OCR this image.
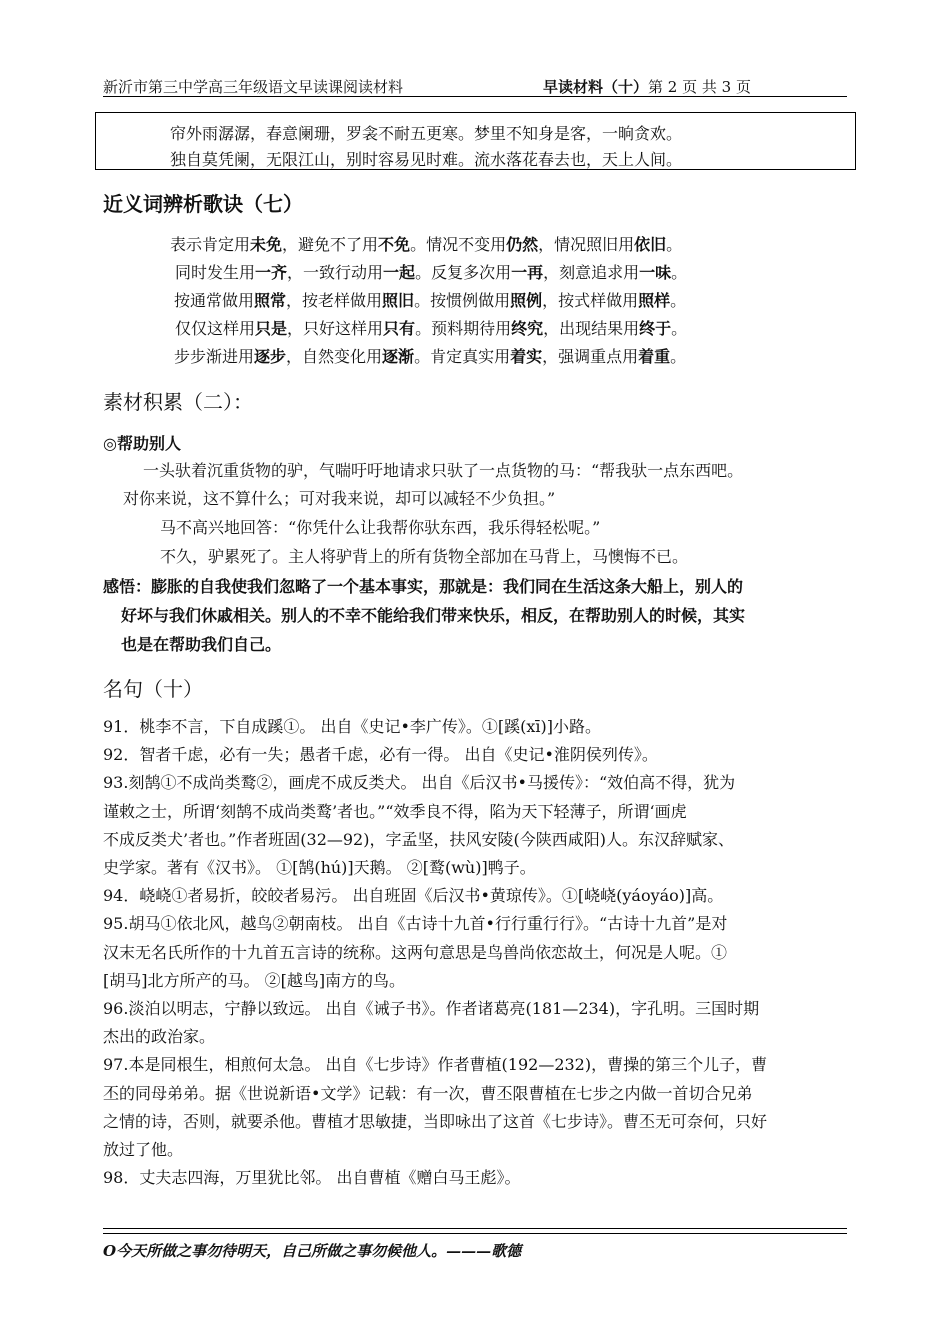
新沂市第三中学高三年级语文早读课阅读材料	早读材料（十）第 2 页 共 3 页
帘外雨潺潺，春意阑珊，罗衾不耐五更寒。梦里不知身是客，一晌贪欢。
独自莫凭阑，无限江山，别时容易见时难。流水落花春去也，天上人间。
近义词辨析歌诀（七）
表示肯定用未免，避免不了用不免。情况不变用仍然，情况照旧用依旧。
同时发生用一齐，一致行动用一起。反复多次用一再，刻意追求用一味。
按通常做用照常，按老样做用照旧。按惯例做用照例，按式样做用照样。
仅仅这样用只是，只好这样用只有。预料期待用终究，出现结果用终于。
步步渐进用逐步，自然变化用逐渐。肯定真实用着实，强调重点用着重。
素材积累（二）：
◎帮助别人
一头驮着沉重货物的驴，气喘吁吁地请求只驮了一点货物的马：“帮我驮一点东西吧。
对你来说，这不算什么；可对我来说，却可以减轻不少负担。”
马不高兴地回答：“你凭什么让我帮你驮东西，我乐得轻松呢。”
不久，驴累死了。主人将驴背上的所有货物全部加在马背上，马懊悔不已。
感悟：膨胀的自我使我们忽略了一个基本事实，那就是：我们同在生活这条大船上，别人的
好坏与我们休戚相关。别人的不幸不能给我们带来快乐，相反，在帮助别人的时候，其实
也是在帮助我们自己。
名句（十）
91．桃李不言，下自成蹊①。 出自《史记•李广传》。①[蹊(xī)]小路。
92．智者千虑，必有一失；愚者千虑，必有一得。 出自《史记•淮阴侯列传》。
93.刻鹄①不成尚类鹜②，画虎不成反类犬。 出自《后汉书•马援传》：“效伯高不得，犹为
谨敕之士，所谓‘刻鹄不成尚类鹜’者也。”“效季良不得，陷为天下轻薄子，所谓‘画虎
不成反类犬’者也。”作者班固(32—92)，字孟坚，扶风安陵(今陕西咸阳)人。东汉辞赋家、
史学家。著有《汉书》。 ①[鹄(hú)]天鹅。 ②[鹜(wù)]鸭子。
94．峣峣①者易折，皎皎者易污。 出自班固《后汉书•黄琼传》。①[峣峣(yáoyáo)]高。
95.胡马①依北风，越鸟②朝南枝。 出自《古诗十九首•行行重行行》。“古诗十九首”是对
汉末无名氏所作的十九首五言诗的统称。这两句意思是鸟兽尚依恋故土，何况是人呢。①
[胡马]北方所产的马。 ②[越鸟]南方的鸟。
96.淡泊以明志，宁静以致远。 出自《诫子书》。作者诸葛亮(181—234)，字孔明。三国时期
杰出的政治家。
97.本是同根生，相煎何太急。 出自《七步诗》作者曹植(192—232)，曹操的第三个儿子，曹
丕的同母弟弟。据《世说新语•文学》记载：有一次，曹丕限曹植在七步之内做一首切合兄弟
之情的诗，否则，就要杀他。曹植才思敏捷，当即咏出了这首《七步诗》。曹丕无可奈何，只好
放过了他。
98．丈夫志四海，万里犹比邻。 出自曹植《赠白马王彪》。
O今天所做之事勿待明天，自己所做之事勿候他人。———歌德
